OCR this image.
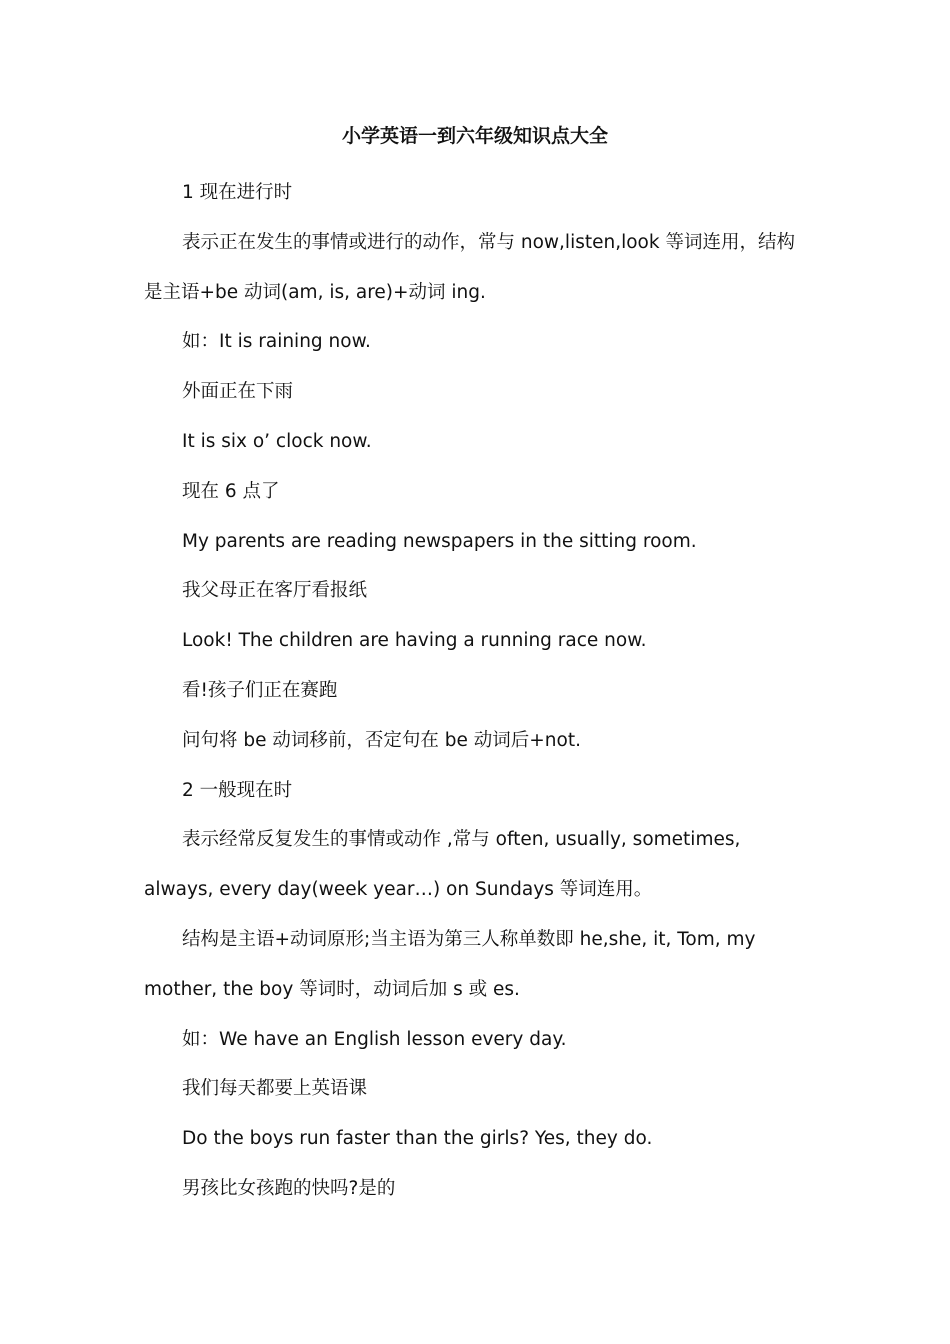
小学英语一到六年级知识点大全

1 现在进行时

表示正在发生的事情或进行的动作，常与 now,listen,look 等词连用，结构是主语+be 动词(am, is, are)+动词 ing.

如：It is raining now.

外面正在下雨

It is six o’ clock now.

现在 6 点了

My parents are reading newspapers in the sitting room.

我父母正在客厅看报纸

Look! The children are having a running race now.

看!孩子们正在赛跑

问句将 be 动词移前，否定句在 be 动词后+not.

2 一般现在时

表示经常反复发生的事情或动作 ,常与 often, usually, sometimes, always, every day(week year…) on Sundays 等词连用。

结构是主语+动词原形;当主语为第三人称单数即 he,she, it, Tom, my mother, the boy 等词时，动词后加 s 或 es.

如：We have an English lesson every day.

我们每天都要上英语课

Do the boys run faster than the girls? Yes, they do.

男孩比女孩跑的快吗?是的
